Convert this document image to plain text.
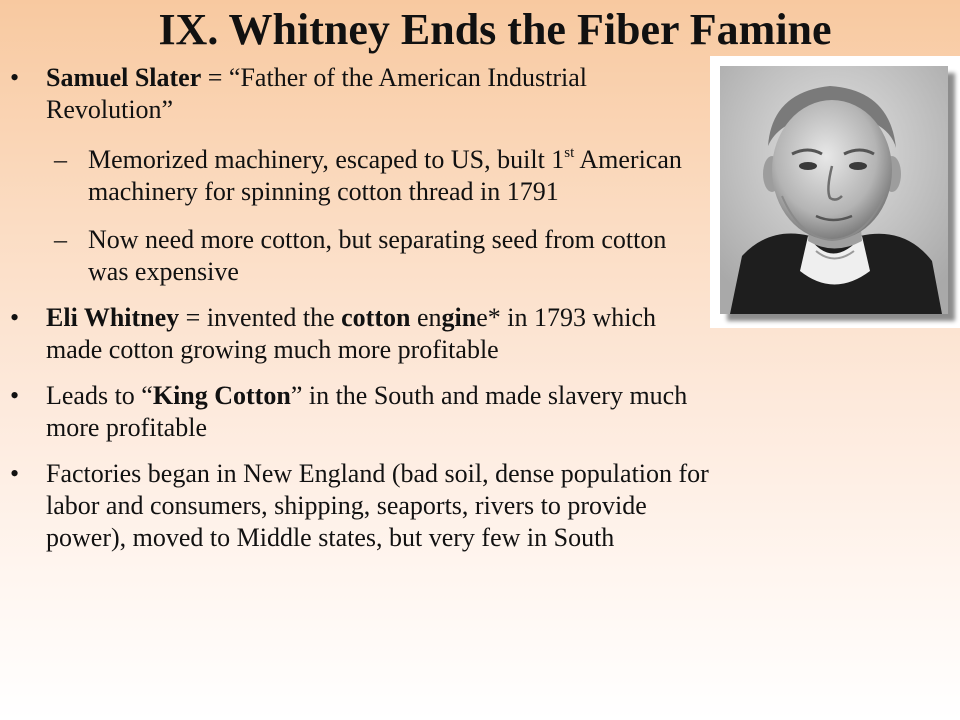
IX. Whitney Ends the Fiber Famine
• Samuel Slater = “Father of the American Industrial Revolution”
– Memorized machinery, escaped to US, built 1st American machinery for spinning cotton thread in 1791
– Now need more cotton, but separating seed from cotton was expensive
• Eli Whitney = invented the cotton engine* in 1793 which made cotton growing much more profitable
• Leads to “King Cotton” in the South and made slavery much more profitable
• Factories began in New England (bad soil, dense population for labor and consumers, shipping, seaports, rivers to provide power), moved to Middle states, but very few in South
